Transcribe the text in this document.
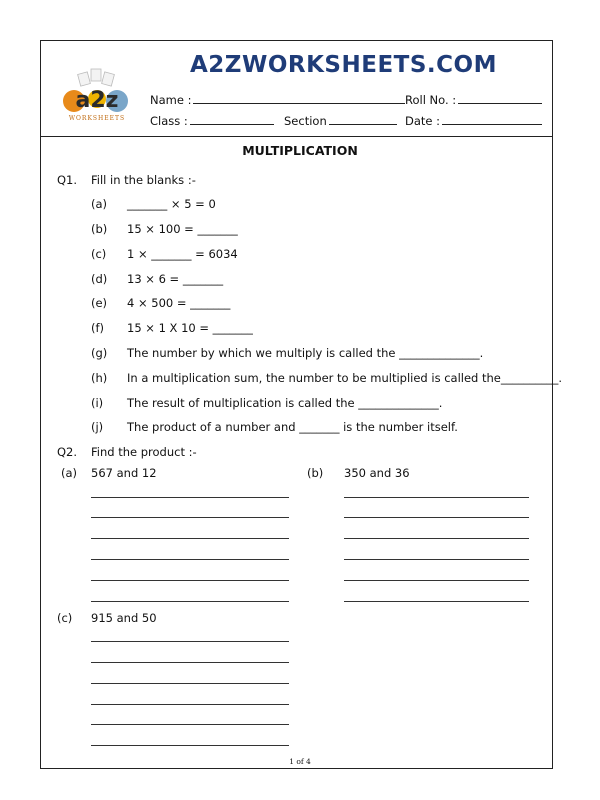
A2ZWORKSHEETS.COM
a2z
WORKSHEETS
Name :	Roll No. :
Class :	Section	Date :
MULTIPLICATION
Q1. Fill in the blanks :-
(a) _______ × 5 = 0
(b) 15 × 100 = _______
(c) 1 × _______ = 6034
(d) 13 × 6 = _______
(e) 4 × 500 = _______
(f) 15 × 1 X 10 = _______
(g) The number by which we multiply is called the ______________.
(h) In a multiplication sum, the number to be multiplied is called the__________.
(i) The result of multiplication is called the ______________.
(j) The product of a number and _______ is the number itself.
Q2. Find the product :-
(a) 567 and 12	(b) 350 and 36
(c) 915 and 50
1 of 4
